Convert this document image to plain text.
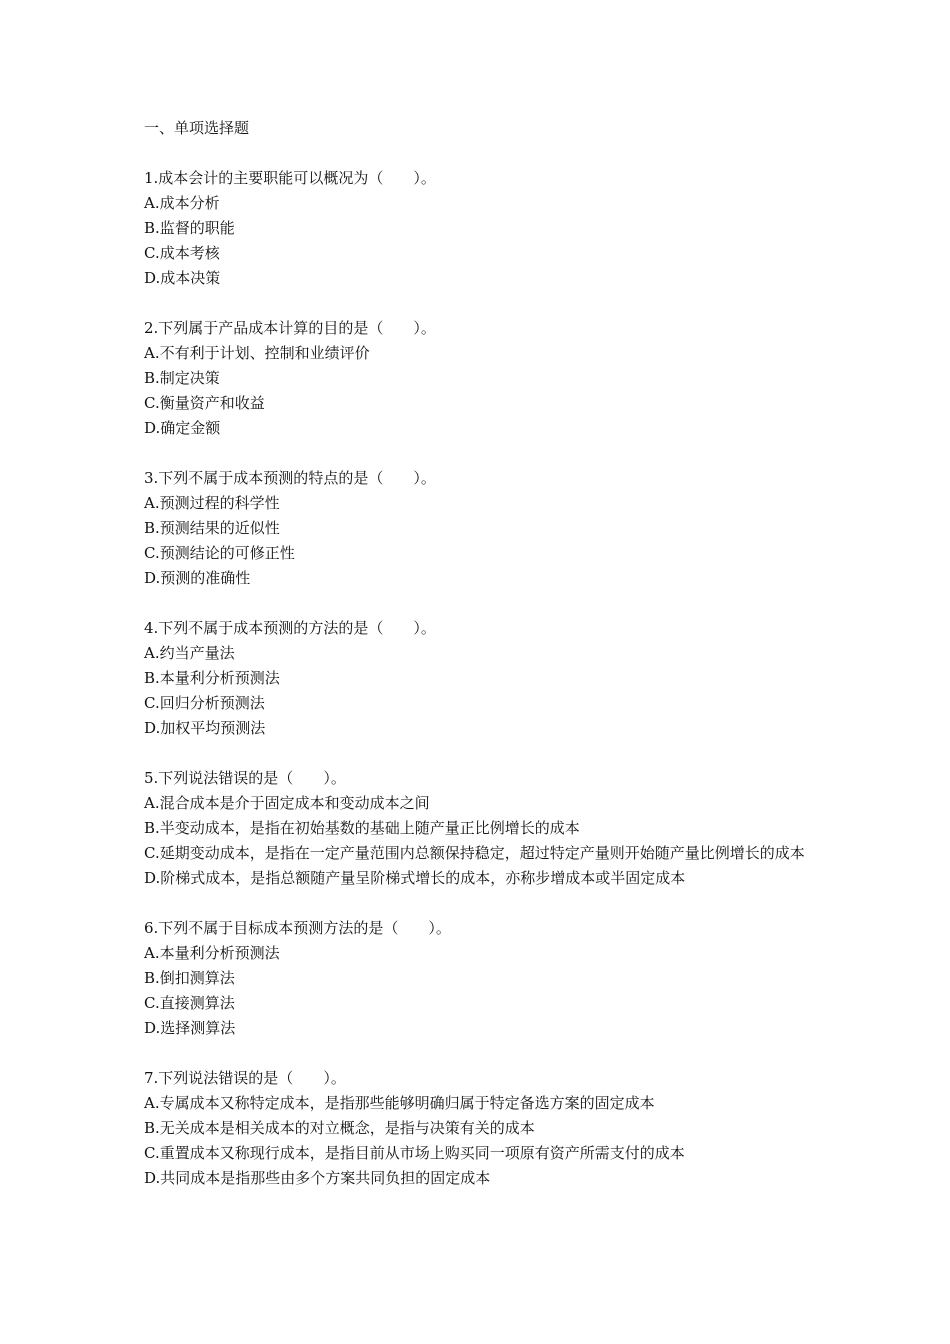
一、单项选择题
1.成本会计的主要职能可以概况为（　　）。
A.成本分析
B.监督的职能
C.成本考核
D.成本决策
2.下列属于产品成本计算的目的是（　　）。
A.不有利于计划、控制和业绩评价
B.制定决策
C.衡量资产和收益
D.确定金额
3.下列不属于成本预测的特点的是（　　）。
A.预测过程的科学性
B.预测结果的近似性
C.预测结论的可修正性
D.预测的准确性
4.下列不属于成本预测的方法的是（　　）。
A.约当产量法
B.本量利分析预测法
C.回归分析预测法
D.加权平均预测法
5.下列说法错误的是（　　）。
A.混合成本是介于固定成本和变动成本之间
B.半变动成本，是指在初始基数的基础上随产量正比例增长的成本
C.延期变动成本，是指在一定产量范围内总额保持稳定，超过特定产量则开始随产量比例增长的成本
D.阶梯式成本，是指总额随产量呈阶梯式增长的成本，亦称步增成本或半固定成本
6.下列不属于目标成本预测方法的是（　　）。
A.本量利分析预测法
B.倒扣测算法
C.直接测算法
D.选择测算法
7.下列说法错误的是（　　）。
A.专属成本又称特定成本，是指那些能够明确归属于特定备选方案的固定成本
B.无关成本是相关成本的对立概念，是指与决策有关的成本
C.重置成本又称现行成本，是指目前从市场上购买同一项原有资产所需支付的成本
D.共同成本是指那些由多个方案共同负担的固定成本
